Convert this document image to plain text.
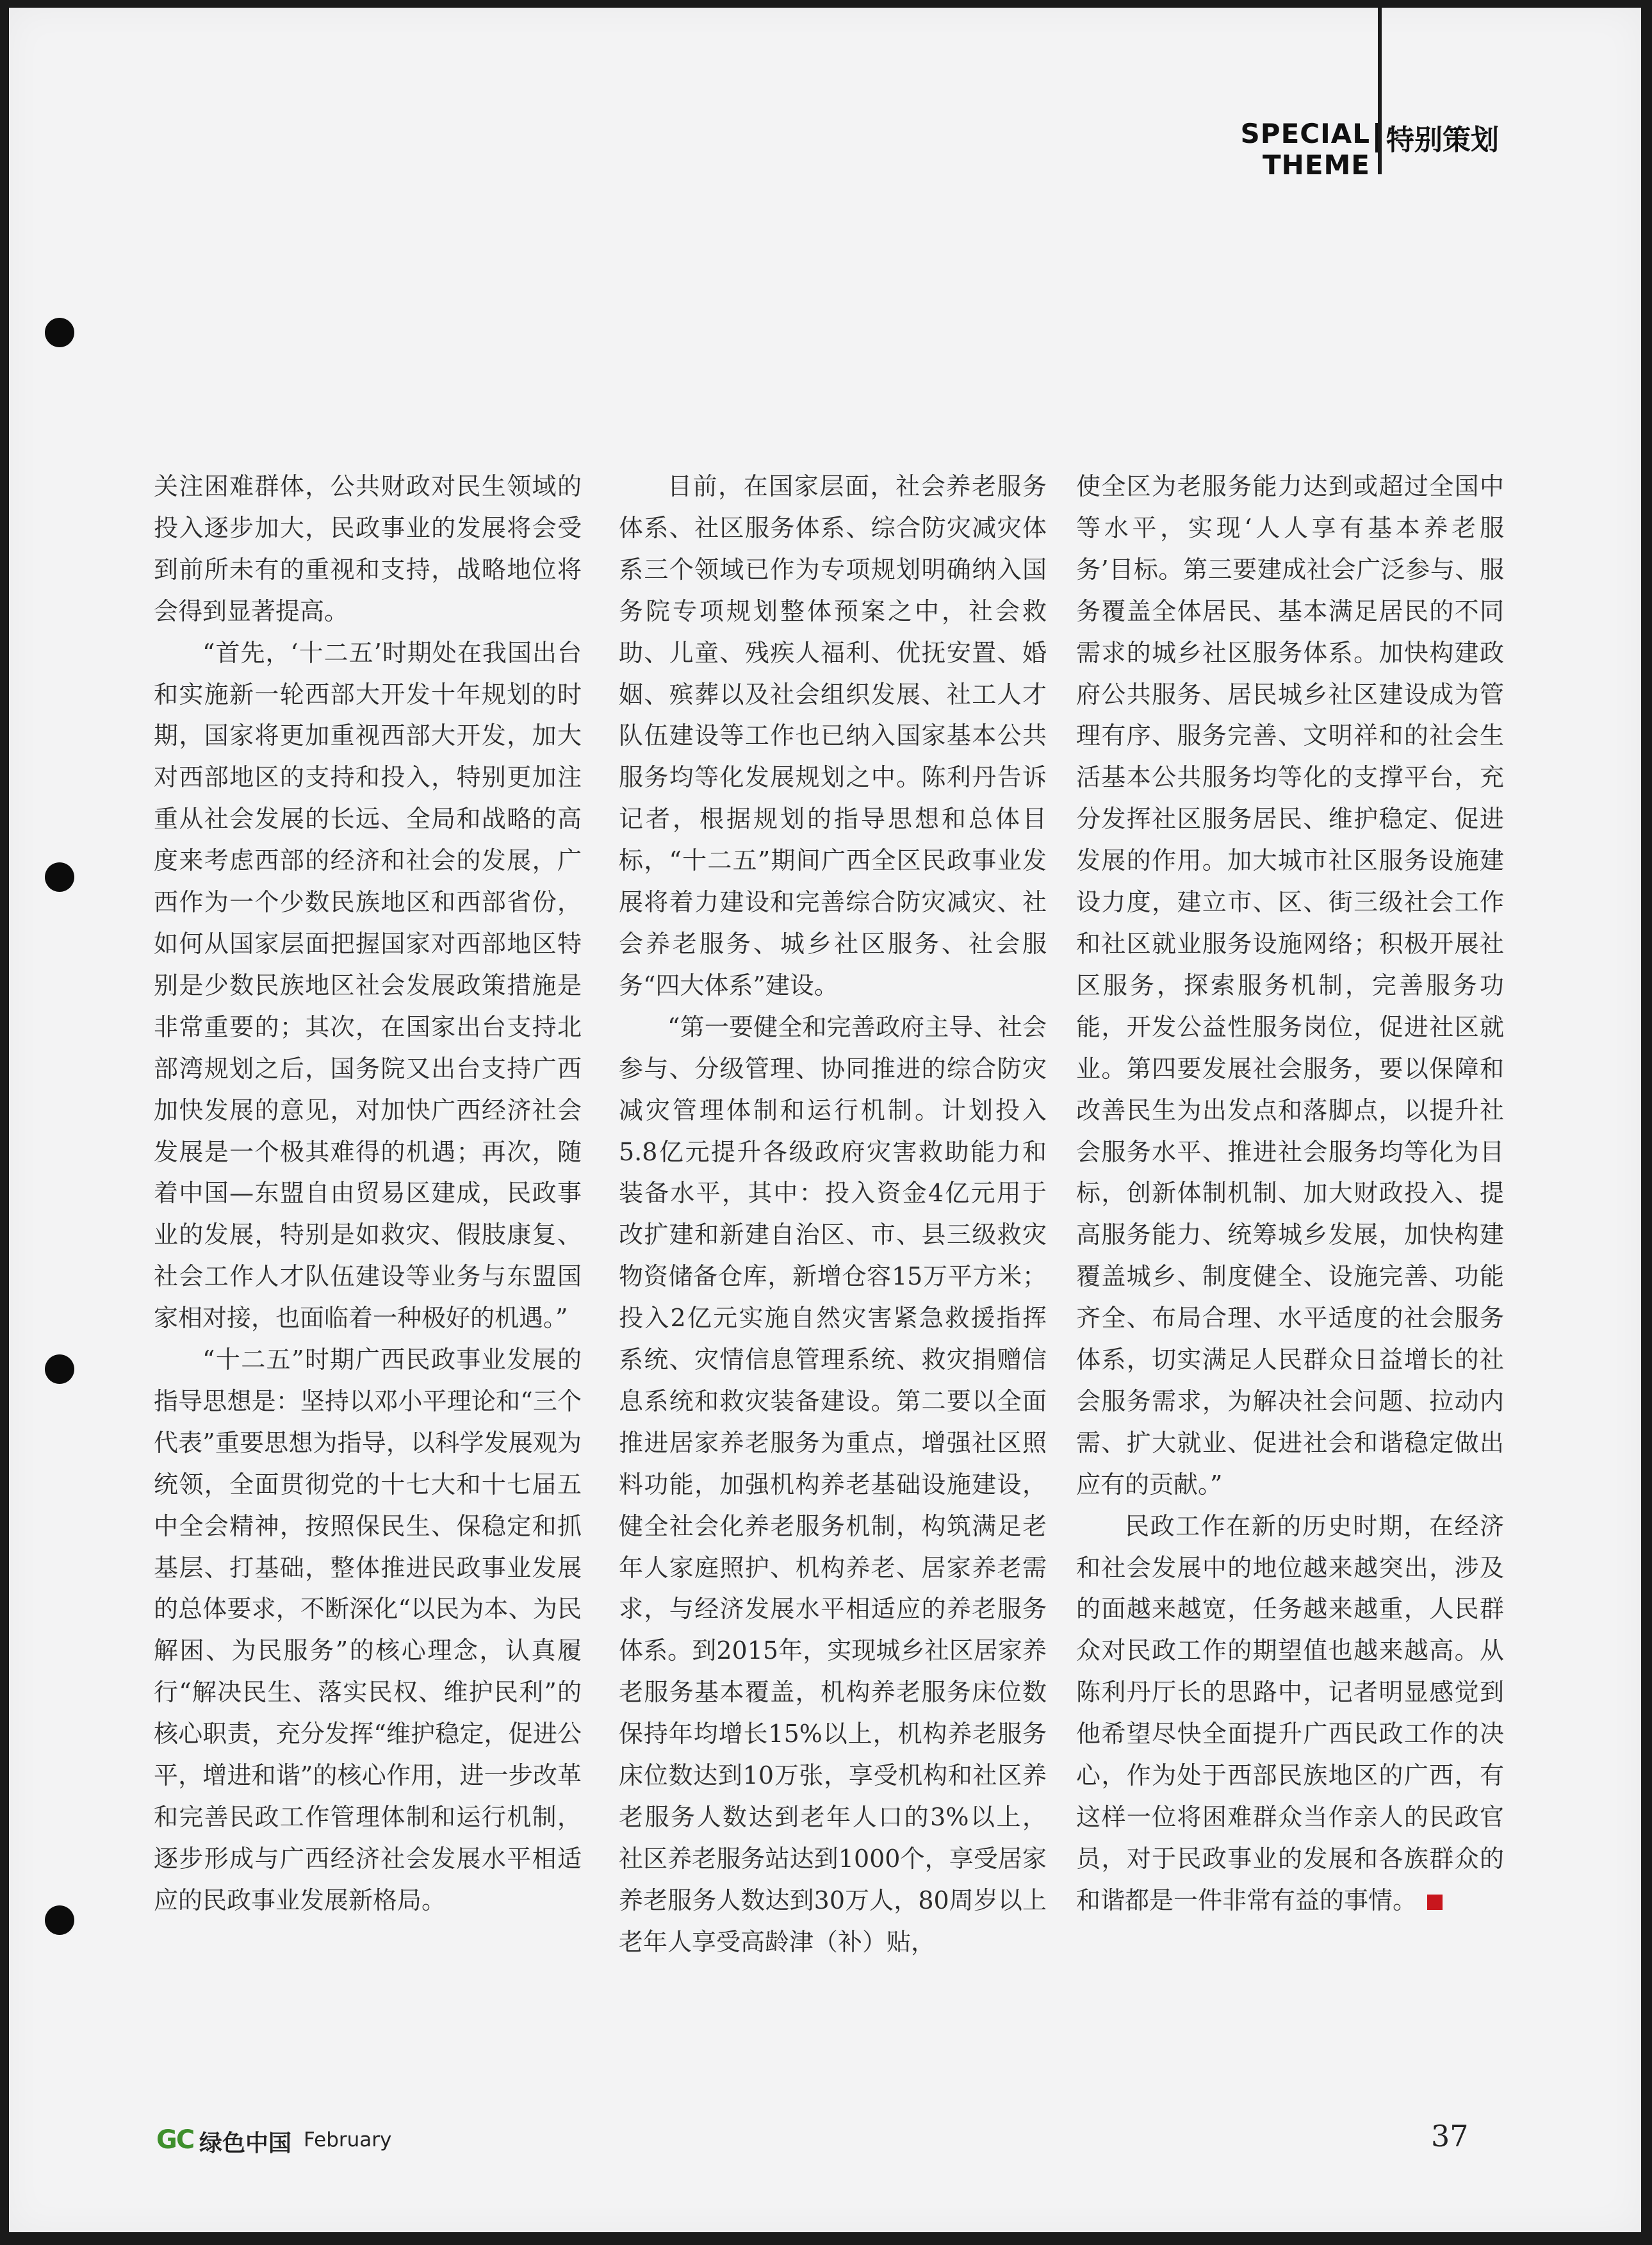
SPECIAL THEME
特别策划

关注困难群体，公共财政对民生领域的投入逐步加大，民政事业的发展将会受到前所未有的重视和支持，战略地位将会得到显著提高。

“首先，‘十二五’时期处在我国出台和实施新一轮西部大开发十年规划的时期，国家将更加重视西部大开发，加大对西部地区的支持和投入，特别更加注重从社会发展的长远、全局和战略的高度来考虑西部的经济和社会的发展，广西作为一个少数民族地区和西部省份，如何从国家层面把握国家对西部地区特别是少数民族地区社会发展政策措施是非常重要的；其次，在国家出台支持北部湾规划之后，国务院又出台支持广西加快发展的意见，对加快广西经济社会发展是一个极其难得的机遇；再次，随着中国—东盟自由贸易区建成，民政事业的发展，特别是如救灾、假肢康复、社会工作人才队伍建设等业务与东盟国家相对接，也面临着一种极好的机遇。”

“十二五”时期广西民政事业发展的指导思想是：坚持以邓小平理论和“三个代表”重要思想为指导，以科学发展观为统领，全面贯彻党的十七大和十七届五中全会精神，按照保民生、保稳定和抓基层、打基础，整体推进民政事业发展的总体要求，不断深化“以民为本、为民解困、为民服务”的核心理念，认真履行“解决民生、落实民权、维护民利”的核心职责，充分发挥“维护稳定，促进公平，增进和谐”的核心作用，进一步改革和完善民政工作管理体制和运行机制，逐步形成与广西经济社会发展水平相适应的民政事业发展新格局。

目前，在国家层面，社会养老服务体系、社区服务体系、综合防灾减灾体系三个领域已作为专项规划明确纳入国务院专项规划整体预案之中，社会救助、儿童、残疾人福利、优抚安置、婚姻、殡葬以及社会组织发展、社工人才队伍建设等工作也已纳入国家基本公共服务均等化发展规划之中。陈利丹告诉记者，根据规划的指导思想和总体目标，“十二五”期间广西全区民政事业发展将着力建设和完善综合防灾减灾、社会养老服务、城乡社区服务、社会服务“四大体系”建设。

“第一要健全和完善政府主导、社会参与、分级管理、协同推进的综合防灾减灾管理体制和运行机制。计划投入5.8亿元提升各级政府灾害救助能力和装备水平，其中：投入资金4亿元用于改扩建和新建自治区、市、县三级救灾物资储备仓库，新增仓容15万平方米；投入2亿元实施自然灾害紧急救援指挥系统、灾情信息管理系统、救灾捐赠信息系统和救灾装备建设。第二要以全面推进居家养老服务为重点，增强社区照料功能，加强机构养老基础设施建设，健全社会化养老服务机制，构筑满足老年人家庭照护、机构养老、居家养老需求，与经济发展水平相适应的养老服务体系。到2015年，实现城乡社区居家养老服务基本覆盖，机构养老服务床位数保持年均增长15%以上，机构养老服务床位数达到10万张，享受机构和社区养老服务人数达到老年人口的3%以上，社区养老服务站达到1000个，享受居家养老服务人数达到30万人，80周岁以上老年人享受高龄津（补）贴，

使全区为老服务能力达到或超过全国中等水平，实现‘人人享有基本养老服务’目标。第三要建成社会广泛参与、服务覆盖全体居民、基本满足居民的不同需求的城乡社区服务体系。加快构建政府公共服务、居民城乡社区建设成为管理有序、服务完善、文明祥和的社会生活基本公共服务均等化的支撑平台，充分发挥社区服务居民、维护稳定、促进发展的作用。加大城市社区服务设施建设力度，建立市、区、街三级社会工作和社区就业服务设施网络；积极开展社区服务，探索服务机制，完善服务功能，开发公益性服务岗位，促进社区就业。第四要发展社会服务，要以保障和改善民生为出发点和落脚点，以提升社会服务水平、推进社会服务均等化为目标，创新体制机制、加大财政投入、提高服务能力、统筹城乡发展，加快构建覆盖城乡、制度健全、设施完善、功能齐全、布局合理、水平适度的社会服务体系，切实满足人民群众日益增长的社会服务需求，为解决社会问题、拉动内需、扩大就业、促进社会和谐稳定做出应有的贡献。”

民政工作在新的历史时期，在经济和社会发展中的地位越来越突出，涉及的面越来越宽，任务越来越重，人民群众对民政工作的期望值也越来越高。从陈利丹厅长的思路中，记者明显感觉到他希望尽快全面提升广西民政工作的决心，作为处于西部民族地区的广西，有这样一位将困难群众当作亲人的民政官员，对于民政事业的发展和各族群众的和谐都是一件非常有益的事情。

GC 绿色中国 February	37
